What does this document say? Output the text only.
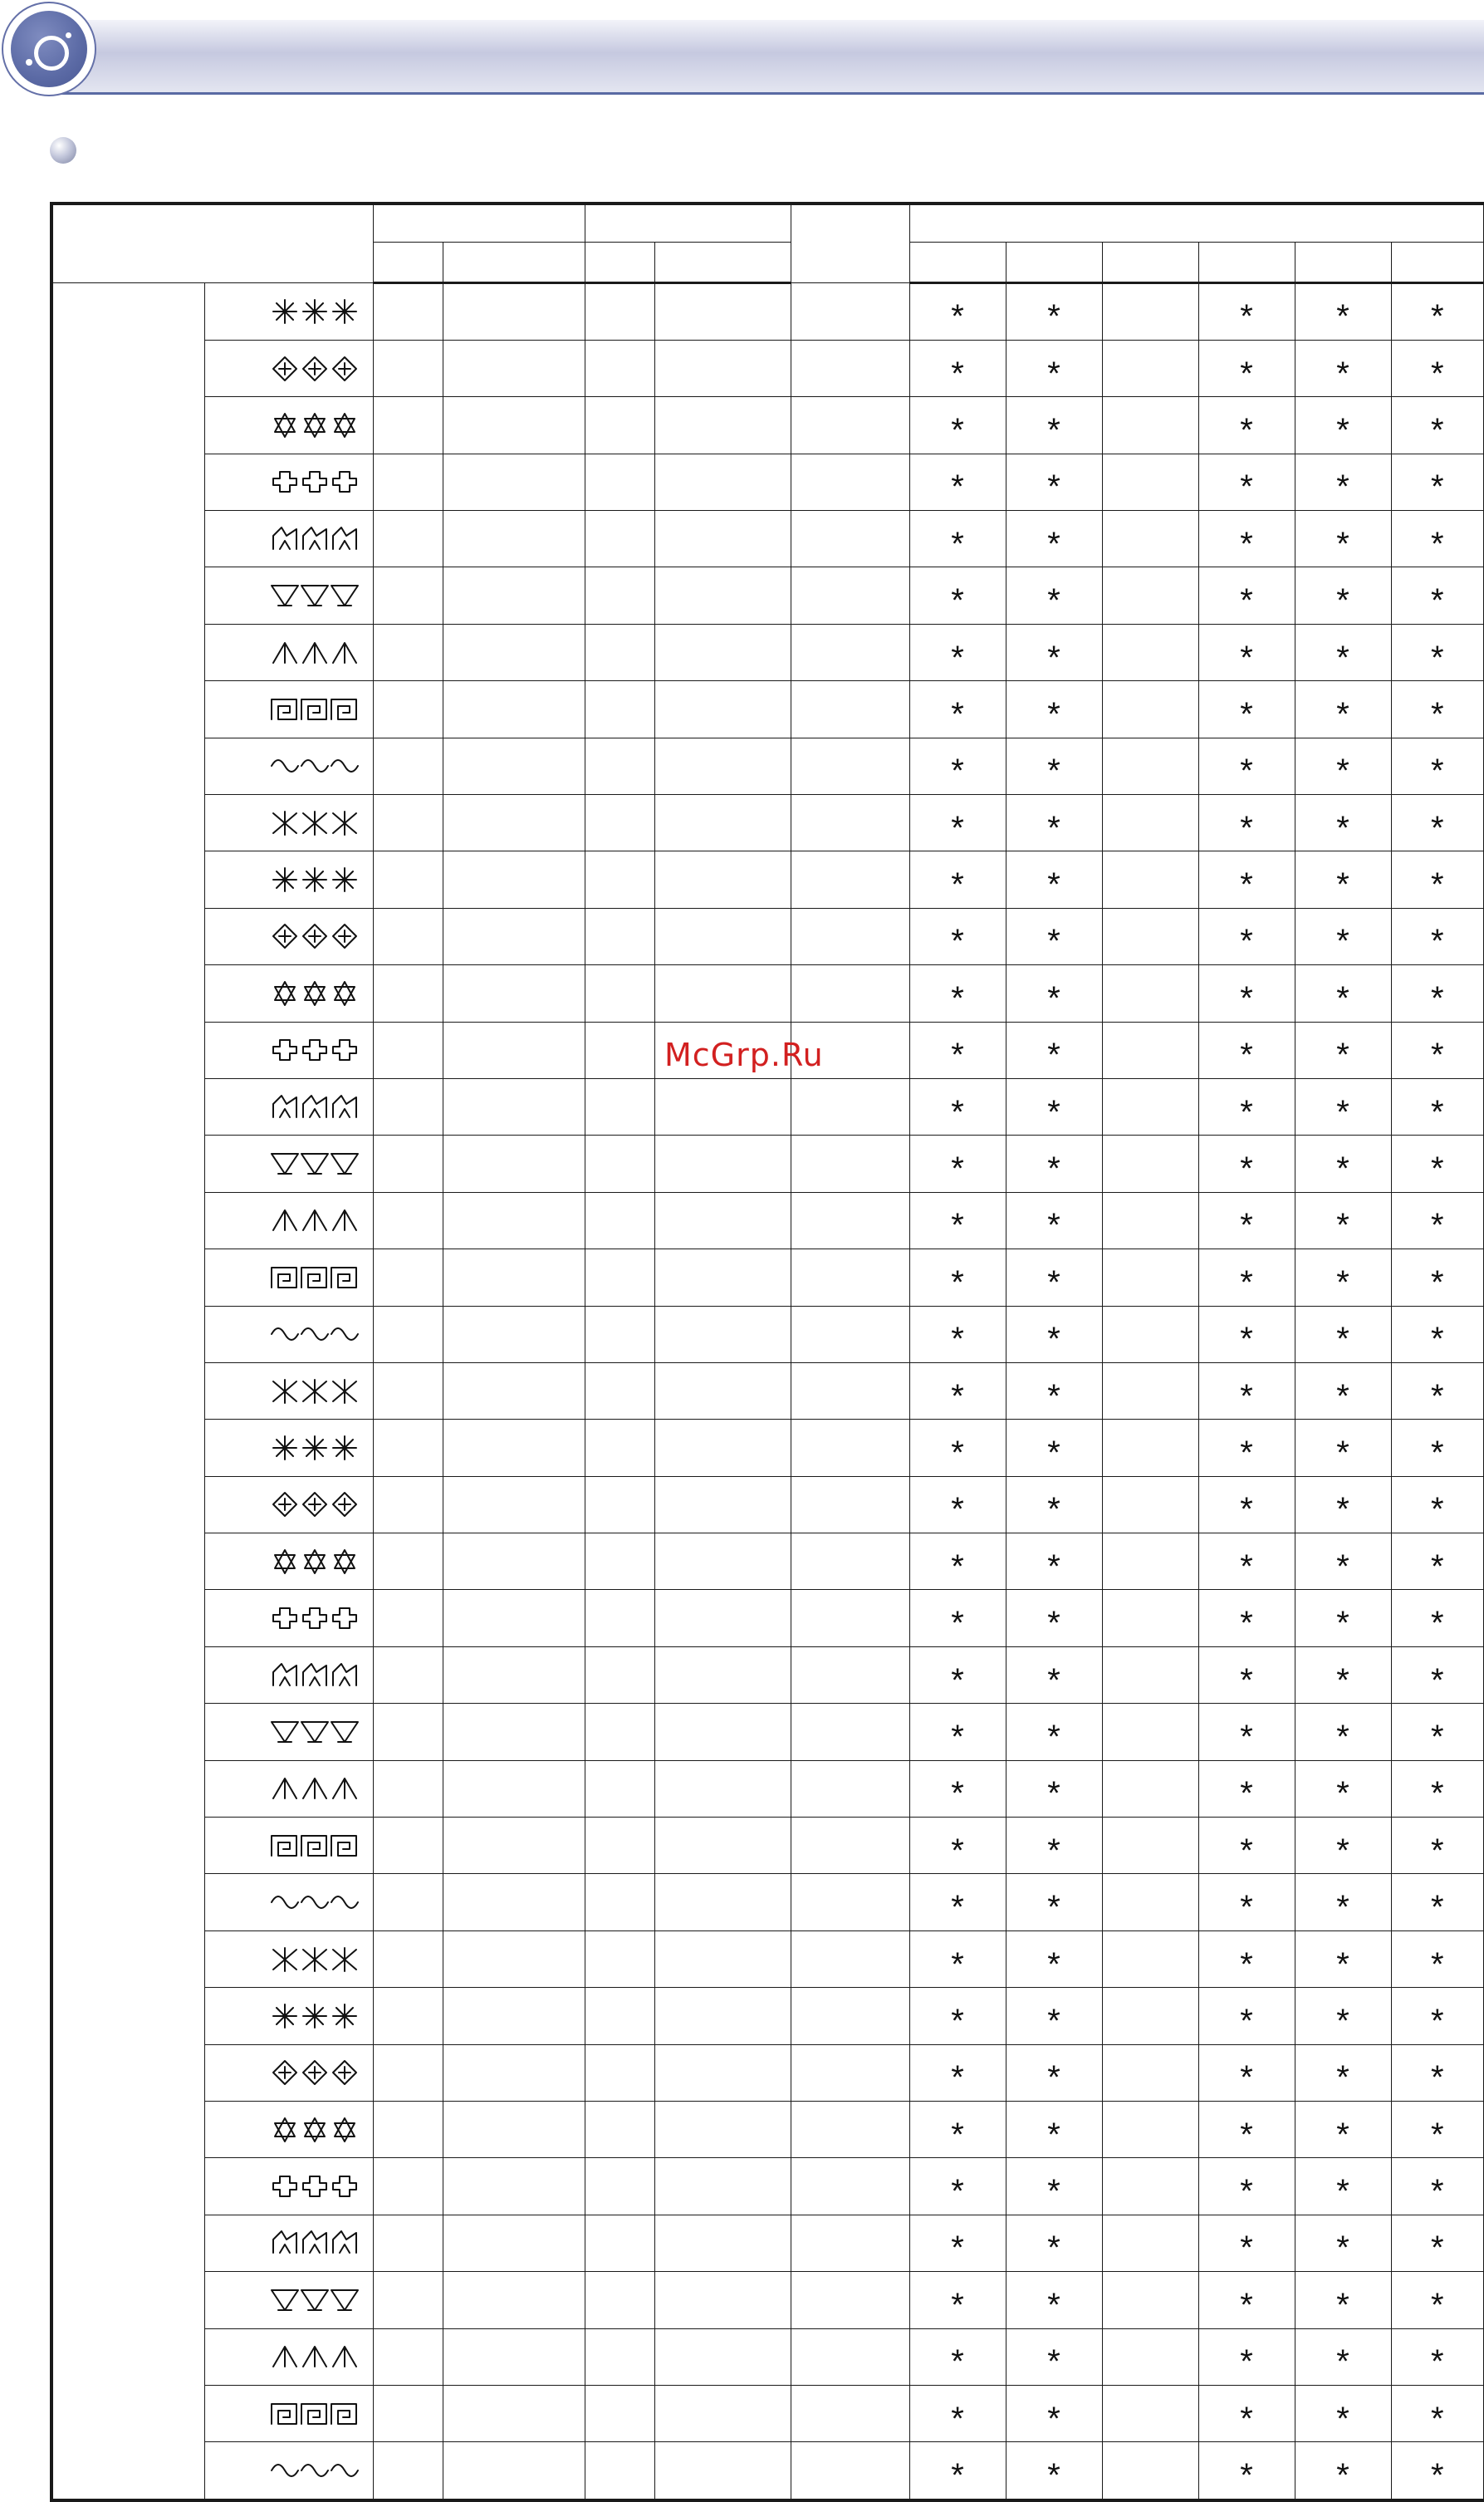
						*	*		*	*	*

						*	*		*	*	*

						*	*		*	*	*

						*	*		*	*	*

						*	*		*	*	*

						*	*		*	*	*

						*	*		*	*	*

						*	*		*	*	*

						*	*		*	*	*

						*	*		*	*	*

						*	*		*	*	*

						*	*		*	*	*

						*	*		*	*	*

						*	*		*	*	*

						*	*		*	*	*

						*	*		*	*	*

						*	*		*	*	*

						*	*		*	*	*

						*	*		*	*	*

						*	*		*	*	*

						*	*		*	*	*

						*	*		*	*	*

						*	*		*	*	*

						*	*		*	*	*

						*	*		*	*	*

						*	*		*	*	*

						*	*		*	*	*

						*	*		*	*	*

						*	*		*	*	*

						*	*		*	*	*

						*	*		*	*	*

						*	*		*	*	*

						*	*		*	*	*

						*	*		*	*	*

						*	*		*	*	*

						*	*		*	*	*

						*	*		*	*	*

						*	*		*	*	*

						*	*		*	*	*
McGrp.Ru
